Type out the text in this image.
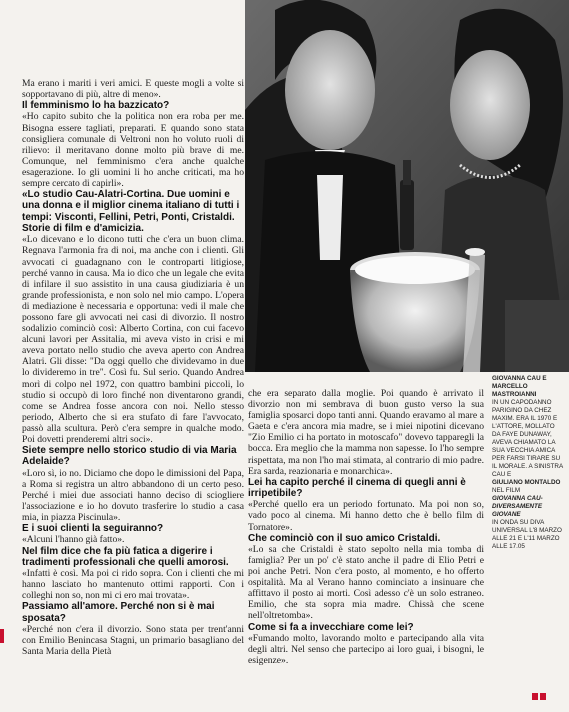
Ma erano i mariti i veri amici. E queste mogli a volte si sopportavano di più, altre di meno».

Il femminismo lo ha bazzicato?

«Ho capito subito che la politica non era roba per me. Bisogna essere tagliati, preparati. E quando sono stata consigliera comunale di Veltroni non ho voluto ruoli di rilievo: il meritavano donne molto più brave di me. Comunque, nel femminismo c'era anche qualche esagerazione. Io gli uomini li ho anche criticati, ma ho sempre cercato di capirli».

«Lo studio Cau-Alatri-Cortina. Due uomini e una donna e il miglior cinema italiano di tutti i tempi: Visconti, Fellini, Petri, Ponti, Cristaldi. Storie di film e d'amicizia.

«Lo dicevano e lo dicono tutti che c'era un buon clima. Regnava l'armonia fra di noi, ma anche con i clienti. Gli avvocati ci guadagnano con le controparti litigiose, perché vanno in causa. Ma io dico che un legale che evita di infilare il suo assistito in una causa giudiziaria è un grande professionista, e non solo nel mio campo. L'opera di mediazione è necessaria e opportuna: vedi il male che possono fare gli avvocati nei casi di divorzio. Il nostro sodalizio cominciò così: Alberto Cortina, con cui facevo alcuni lavori per Assitalia, mi aveva visto in crisi e mi aveva portato nello studio che aveva aperto con Andrea Alatri. Gli disse: "Da oggi quello che dividevamo in due lo divideremo in tre". Così fu. Sul serio. Quando Andrea morì di colpo nel 1972, con quattro bambini piccoli, lo studio si occupò di loro finché non diventarono grandi, come se Andrea fosse ancora con noi. Nello stesso periodo, Alberto che si era stufato di fare l'avvocato, passò alla scultura. Però c'era sempre in qualche modo. Poi dovetti prenderemi altri soci».

Siete sempre nello storico studio di via Maria Adelaide?

«Loro sì, io no. Diciamo che dopo le dimissioni del Papa, a Roma si registra un altro abbandono di un certo peso. Perché i miei due associati hanno deciso di sciogliere l'associazione e io ho dovuto trasferire lo studio a casa mia, in piazza Piscinula».

E i suoi clienti la seguiranno?

«Alcuni l'hanno già fatto».

Nel film dice che fa più fatica a digerire i tradimenti professionali che quelli amorosi.

«Infatti è così. Ma poi ci rido sopra. Con i clienti che mi hanno lasciato ho mantenuto ottimi rapporti. Con i colleghi non so, non mi ci ero mai trovata».

Passiamo all'amore. Perché non si è mai sposata?

«Perché non c'era il divorzio. Sono stata per trent'anni con Emilio Benincasa Stagni, un primario basagliano del Santa Maria della Pietà

che era separato dalla moglie. Poi quando è arrivato il divorzio non mi sembrava di buon gusto verso la sua famiglia sposarci dopo tanti anni. Quando eravamo al mare a Gaeta e c'era ancora mia madre, se i miei nipotini dicevano "Zio Emilio ci ha portato in motoscafo" dovevo tapparegli la bocca. Era meglio che la mamma non sapesse. Io l'ho sempre rispettata, ma non l'ho mai stimata, al contrario di mio padre. Era sarda, reazionaria e monarchica».

Lei ha capito perché il cinema di quegli anni è irripetibile?

«Perché quello era un periodo fortunato. Ma poi non so, vado poco al cinema. Mi hanno detto che è bello film di Tornatore».

Che cominciò con il suo amico Cristaldi.

«Lo sa che Cristaldi è stato sepolto nella mia tomba di famiglia? Per un po' c'è stato anche il padre di Elio Petri e poi anche Petri. Non c'era posto, al momento, e ho offerto ospitalità. Ma al Verano hanno cominciato a insinuare che affittavo il posto ai morti. Così adesso c'è un solo estraneo. Emilio, che sta sopra mia madre. Chissà che scene nell'oltretomba».

Come si fa a invecchiare come lei?

«Fumando molto, lavorando molto e partecipando alla vita degli altri. Nel senso che partecipo ai loro guai, i bisogni, le esigenze».

GIOVANNA CAU E MARCELLO MASTROIANNI
IN UN CAPODANNO PARIGINO DA CHEZ MAXIM. ERA IL 1970 E L'ATTORE, MOLLATO DA FAYE DUNAWAY, AVEVA CHIAMATO LA SUA VECCHIA AMICA PER FARSI TIRARE SU IL MORALE. A SINISTRA CAU E
GIULIANO MONTALDO
NEL FILM
GIOVANNA CAU-DIVERSAMENTE GIOVANE
IN ONDA SU DIVA UNIVERSAL L'8 MARZO ALLE 21 E L'11 MARZO ALLE 17.05
